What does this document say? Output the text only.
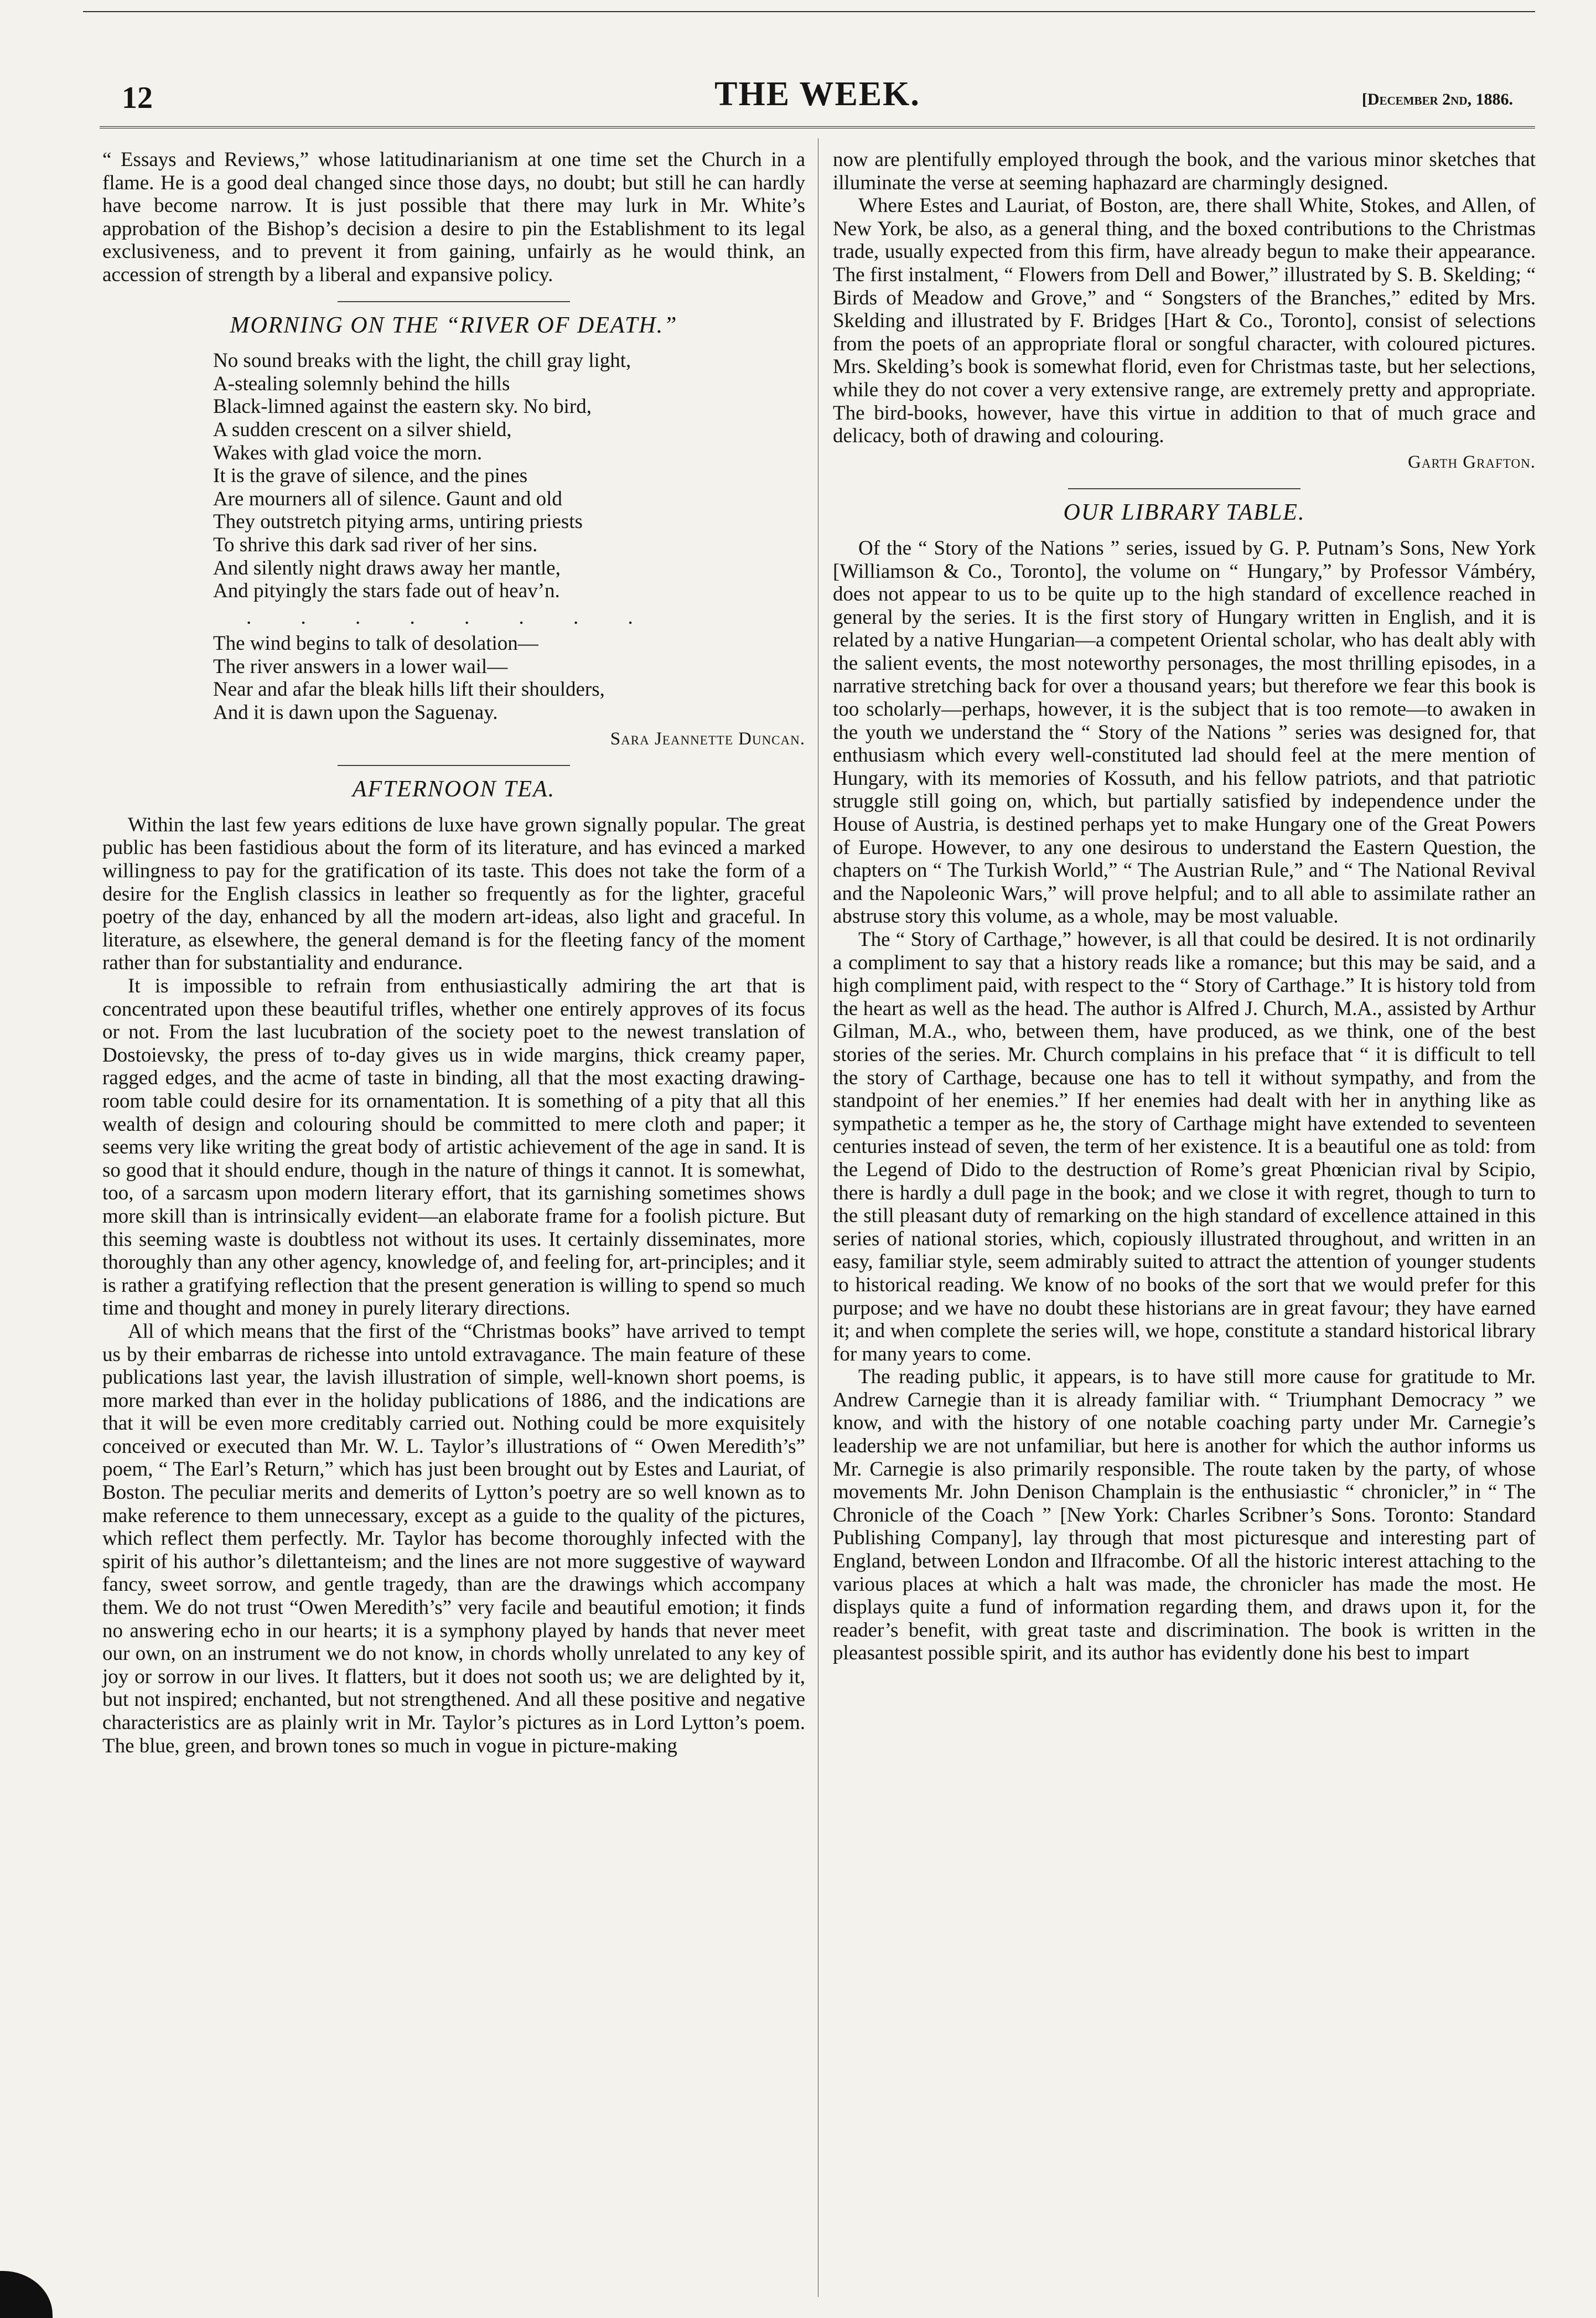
12	THE WEEK.	[December 2nd, 1886.

“ Essays and Reviews,” whose latitudinarianism at one time set the Church in a flame. He is a good deal changed since those days, no doubt; but still he can hardly have become narrow. It is just possible that there may lurk in Mr. White’s approbation of the Bishop’s decision a desire to pin the Establishment to its legal exclusiveness, and to prevent it from gaining, unfairly as he would think, an accession of strength by a liberal and expansive policy.

MORNING ON THE “RIVER OF DEATH.”
No sound breaks with the light, the chill gray light,
A-stealing solemnly behind the hills
Black-limned against the eastern sky. No bird,
A sudden crescent on a silver shield,
Wakes with glad voice the morn.
It is the grave of silence, and the pines
Are mourners all of silence. Gaunt and old
They outstretch pitying arms, untiring priests
To shrive this dark sad river of her sins.
And silently night draws away her mantle,
And pityingly the stars fade out of heav’n.
. . . . . . . .
The wind begins to talk of desolation—
The river answers in a lower wail—
Near and afar the bleak hills lift their shoulders,
And it is dawn upon the Saguenay.
Sara Jeannette Duncan.
AFTERNOON TEA.

Within the last few years editions de luxe have grown signally popular. The great public has been fastidious about the form of its literature, and has evinced a marked willingness to pay for the gratification of its taste. This does not take the form of a desire for the English classics in leather so frequently as for the lighter, graceful poetry of the day, enhanced by all the modern art-ideas, also light and graceful. In literature, as elsewhere, the general demand is for the fleeting fancy of the moment rather than for substantiality and endurance.

It is impossible to refrain from enthusiastically admiring the art that is concentrated upon these beautiful trifles, whether one entirely approves of its focus or not. From the last lucubration of the society poet to the newest translation of Dostoievsky, the press of to-day gives us in wide margins, thick creamy paper, ragged edges, and the acme of taste in binding, all that the most exacting drawing-room table could desire for its ornamentation. It is something of a pity that all this wealth of design and colouring should be committed to mere cloth and paper; it seems very like writing the great body of artistic achievement of the age in sand. It is so good that it should endure, though in the nature of things it cannot. It is somewhat, too, of a sarcasm upon modern literary effort, that its garnishing sometimes shows more skill than is intrinsically evident—an elaborate frame for a foolish picture. But this seeming waste is doubtless not without its uses. It certainly disseminates, more thoroughly than any other agency, knowledge of, and feeling for, art-principles; and it is rather a gratifying reflection that the present generation is willing to spend so much time and thought and money in purely literary directions.

All of which means that the first of the “Christmas books” have arrived to tempt us by their embarras de richesse into untold extravagance. The main feature of these publications last year, the lavish illustration of simple, well-known short poems, is more marked than ever in the holiday publications of 1886, and the indications are that it will be even more creditably carried out. Nothing could be more exquisitely conceived or executed than Mr. W. L. Taylor’s illustrations of “ Owen Meredith’s” poem, “ The Earl’s Return,” which has just been brought out by Estes and Lauriat, of Boston. The peculiar merits and demerits of Lytton’s poetry are so well known as to make reference to them unnecessary, except as a guide to the quality of the pictures, which reflect them perfectly. Mr. Taylor has become thoroughly infected with the spirit of his author’s dilettanteism; and the lines are not more suggestive of wayward fancy, sweet sorrow, and gentle tragedy, than are the drawings which accompany them. We do not trust “Owen Meredith’s” very facile and beautiful emotion; it finds no answering echo in our hearts; it is a symphony played by hands that never meet our own, on an instrument we do not know, in chords wholly unrelated to any key of joy or sorrow in our lives. It flatters, but it does not sooth us; we are delighted by it, but not inspired; enchanted, but not strengthened. And all these positive and negative characteristics are as plainly writ in Mr. Taylor’s pictures as in Lord Lytton’s poem. The blue, green, and brown tones so much in vogue in picture-making

now are plentifully employed through the book, and the various minor sketches that illuminate the verse at seeming haphazard are charmingly designed.

Where Estes and Lauriat, of Boston, are, there shall White, Stokes, and Allen, of New York, be also, as a general thing, and the boxed contributions to the Christmas trade, usually expected from this firm, have already begun to make their appearance. The first instalment, “ Flowers from Dell and Bower,” illustrated by S. B. Skelding; “ Birds of Meadow and Grove,” and “ Songsters of the Branches,” edited by Mrs. Skelding and illustrated by F. Bridges [Hart & Co., Toronto], consist of selections from the poets of an appropriate floral or songful character, with coloured pictures. Mrs. Skelding’s book is somewhat florid, even for Christmas taste, but her selections, while they do not cover a very extensive range, are extremely pretty and appropriate. The bird-books, however, have this virtue in addition to that of much grace and delicacy, both of drawing and colouring.

Garth Grafton.
OUR LIBRARY TABLE.

Of the “ Story of the Nations ” series, issued by G. P. Putnam’s Sons, New York [Williamson & Co., Toronto], the volume on “ Hungary,” by Professor Vámbéry, does not appear to us to be quite up to the high standard of excellence reached in general by the series. It is the first story of Hungary written in English, and it is related by a native Hungarian—a competent Oriental scholar, who has dealt ably with the salient events, the most noteworthy personages, the most thrilling episodes, in a narrative stretching back for over a thousand years; but therefore we fear this book is too scholarly—perhaps, however, it is the subject that is too remote—to awaken in the youth we understand the “ Story of the Nations ” series was designed for, that enthusiasm which every well-constituted lad should feel at the mere mention of Hungary, with its memories of Kossuth, and his fellow patriots, and that patriotic struggle still going on, which, but partially satisfied by independence under the House of Austria, is destined perhaps yet to make Hungary one of the Great Powers of Europe. However, to any one desirous to understand the Eastern Question, the chapters on “ The Turkish World,” “ The Austrian Rule,” and “ The National Revival and the Napoleonic Wars,” will prove helpful; and to all able to assimilate rather an abstruse story this volume, as a whole, may be most valuable.

The “ Story of Carthage,” however, is all that could be desired. It is not ordinarily a compliment to say that a history reads like a romance; but this may be said, and a high compliment paid, with respect to the “ Story of Carthage.” It is history told from the heart as well as the head. The author is Alfred J. Church, M.A., assisted by Arthur Gilman, M.A., who, between them, have produced, as we think, one of the best stories of the series. Mr. Church complains in his preface that “ it is difficult to tell the story of Carthage, because one has to tell it without sympathy, and from the standpoint of her enemies.” If her enemies had dealt with her in anything like as sympathetic a temper as he, the story of Carthage might have extended to seventeen centuries instead of seven, the term of her existence. It is a beautiful one as told: from the Legend of Dido to the destruction of Rome’s great Phœnician rival by Scipio, there is hardly a dull page in the book; and we close it with regret, though to turn to the still pleasant duty of remarking on the high standard of excellence attained in this series of national stories, which, copiously illustrated throughout, and written in an easy, familiar style, seem admirably suited to attract the attention of younger students to historical reading. We know of no books of the sort that we would prefer for this purpose; and we have no doubt these historians are in great favour; they have earned it; and when complete the series will, we hope, constitute a standard historical library for many years to come.

The reading public, it appears, is to have still more cause for gratitude to Mr. Andrew Carnegie than it is already familiar with. “ Triumphant Democracy ” we know, and with the history of one notable coaching party under Mr. Carnegie’s leadership we are not unfamiliar, but here is another for which the author informs us Mr. Carnegie is also primarily responsible. The route taken by the party, of whose movements Mr. John Denison Champlain is the enthusiastic “ chronicler,” in “ The Chronicle of the Coach ” [New York: Charles Scribner’s Sons. Toronto: Standard Publishing Company], lay through that most picturesque and interesting part of England, between London and Ilfracombe. Of all the historic interest attaching to the various places at which a halt was made, the chronicler has made the most. He displays quite a fund of information regarding them, and draws upon it, for the reader’s benefit, with great taste and discrimination. The book is written in the pleasantest possible spirit, and its author has evidently done his best to impart
